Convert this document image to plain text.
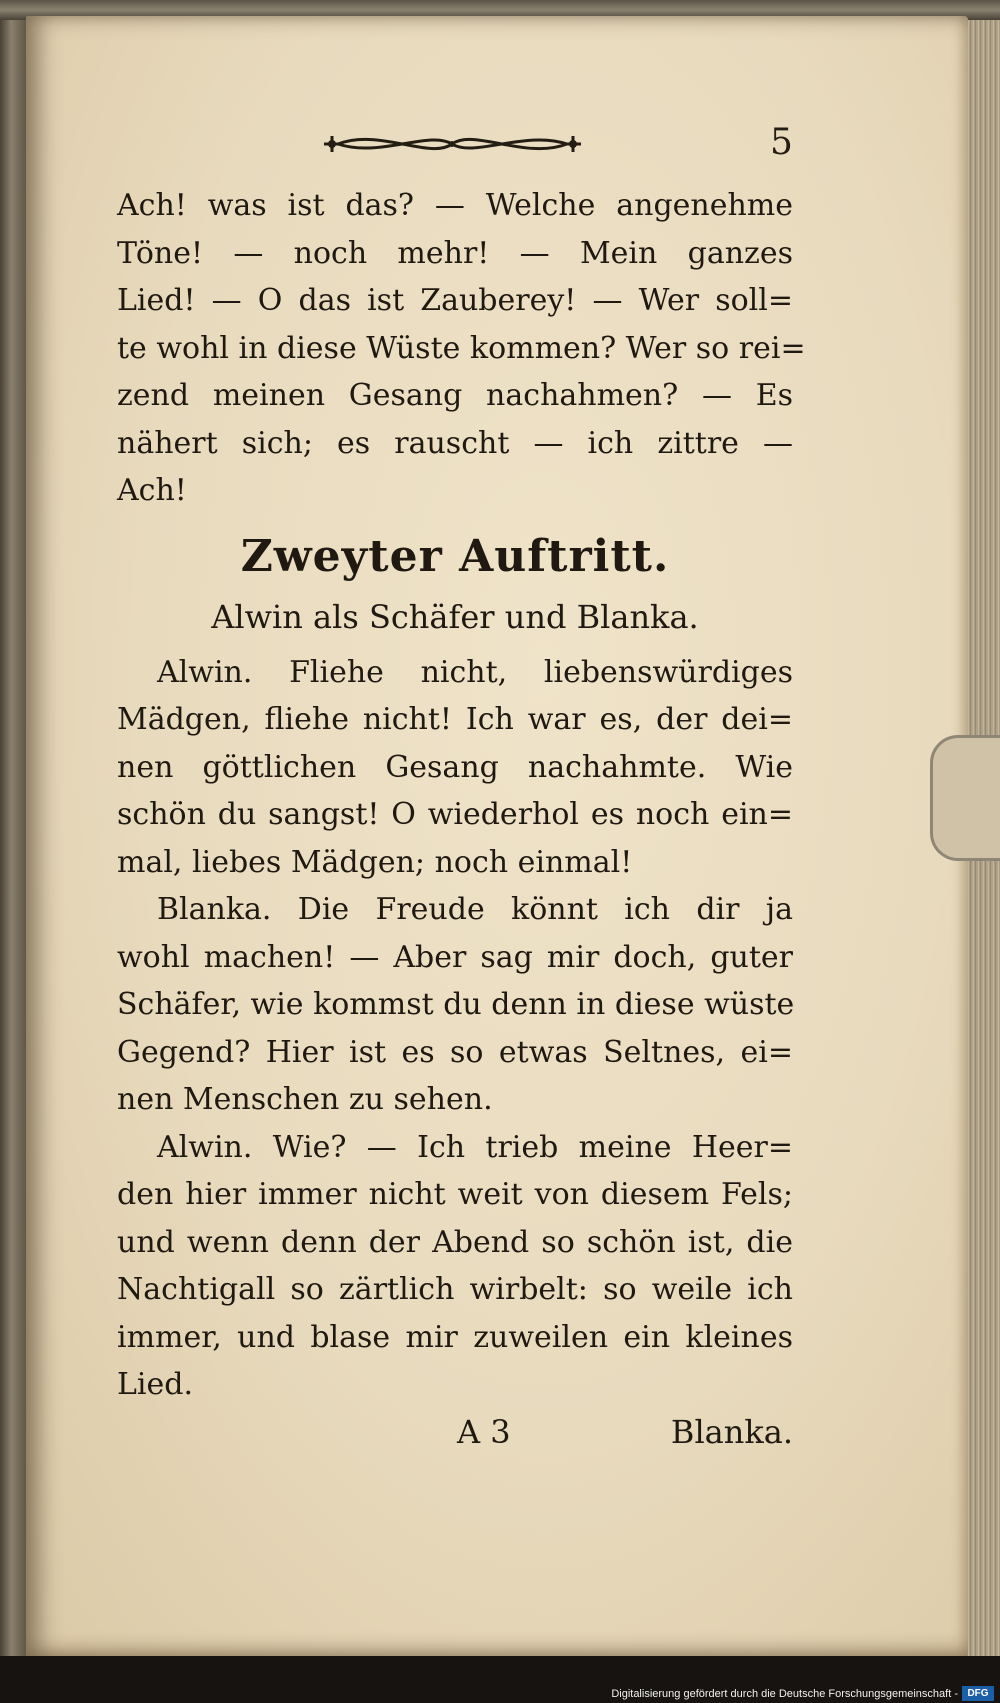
5
Ach! was ist das? — Welche angenehme
Töne! — noch mehr! — Mein ganzes
Lied! — O das ist Zauberey! — Wer soll=
te wohl in diese Wüste kommen? Wer so rei=
zend meinen Gesang nachahmen? — Es
nähert sich; es rauscht — ich zittre —
Ach!
Zweyter Auftritt.
Alwin als Schäfer und Blanka.
Alwin. Fliehe nicht, liebenswürdiges
Mädgen, fliehe nicht! Ich war es, der dei=
nen göttlichen Gesang nachahmte. Wie
schön du sangst! O wiederhol es noch ein=
mal, liebes Mädgen; noch einmal!
Blanka. Die Freude könnt ich dir ja
wohl machen! — Aber sag mir doch, guter
Schäfer, wie kommst du denn in diese wüste
Gegend? Hier ist es so etwas Seltnes, ei=
nen Menschen zu sehen.
Alwin. Wie? — Ich trieb meine Heer=
den hier immer nicht weit von diesem Fels;
und wenn denn der Abend so schön ist, die
Nachtigall so zärtlich wirbelt: so weile ich
immer, und blase mir zuweilen ein kleines
Lied.
A 3	Blanka.
Digitalisierung gefördert durch die Deutsche Forschungsgemeinschaft - DFG
